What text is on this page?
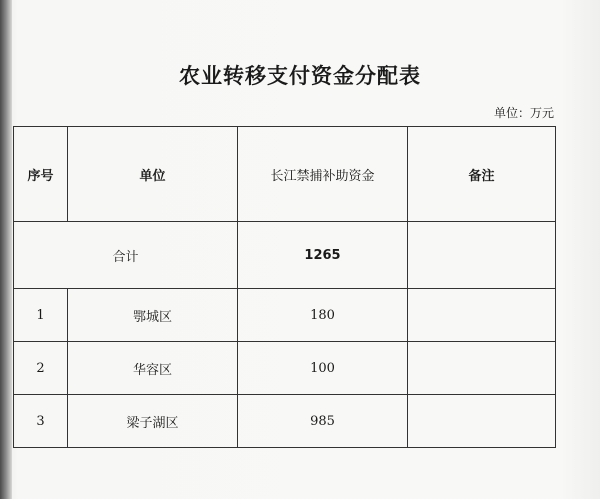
农业转移支付资金分配表
单位：万元
序号	单位	长江禁捕补助资金	备注
合计		1265	
1	鄂城区	180	
2	华容区	100	
3	梁子湖区	985	
